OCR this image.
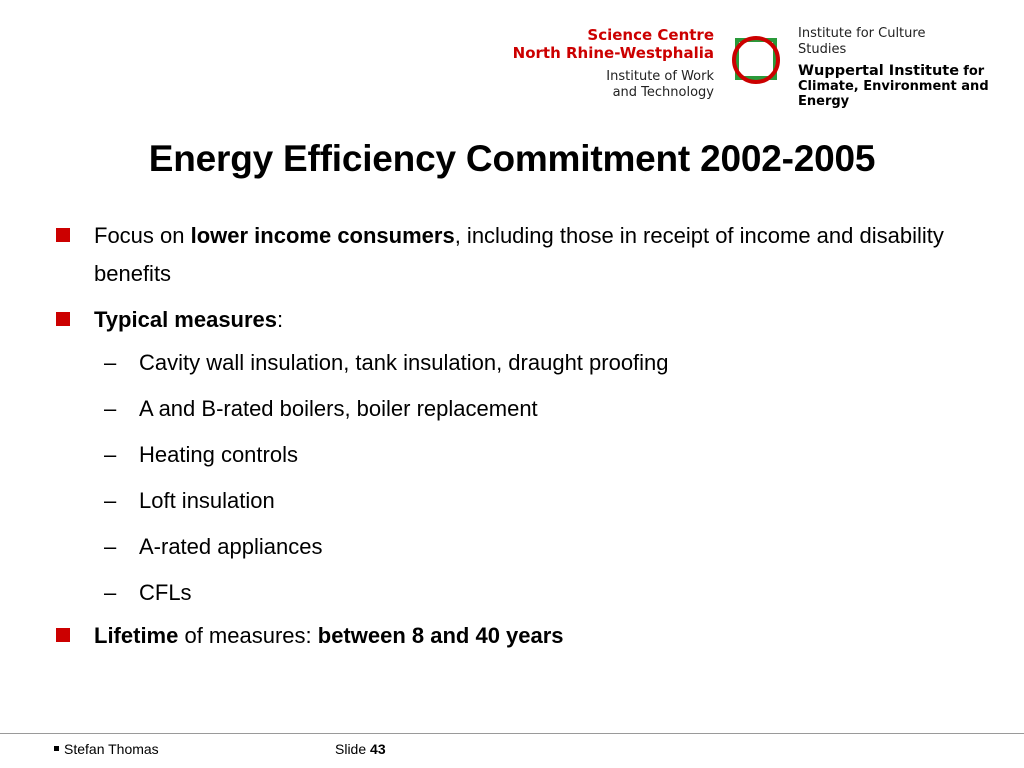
Science Centre
North Rhine-Westphalia
Institute of Work
and Technology
Institute for Culture
Studies
Wuppertal Institute for
Climate, Environment and
Energy
Energy Efficiency Commitment 2002-2005
Focus on lower income consumers, including those in receipt of income and disability benefits
Typical measures:
– Cavity wall insulation, tank insulation, draught proofing
– A and B-rated boilers, boiler replacement
– Heating controls
– Loft insulation
– A-rated appliances
– CFLs
Lifetime of measures: between 8 and 40 years
Stefan Thomas	Slide 43
